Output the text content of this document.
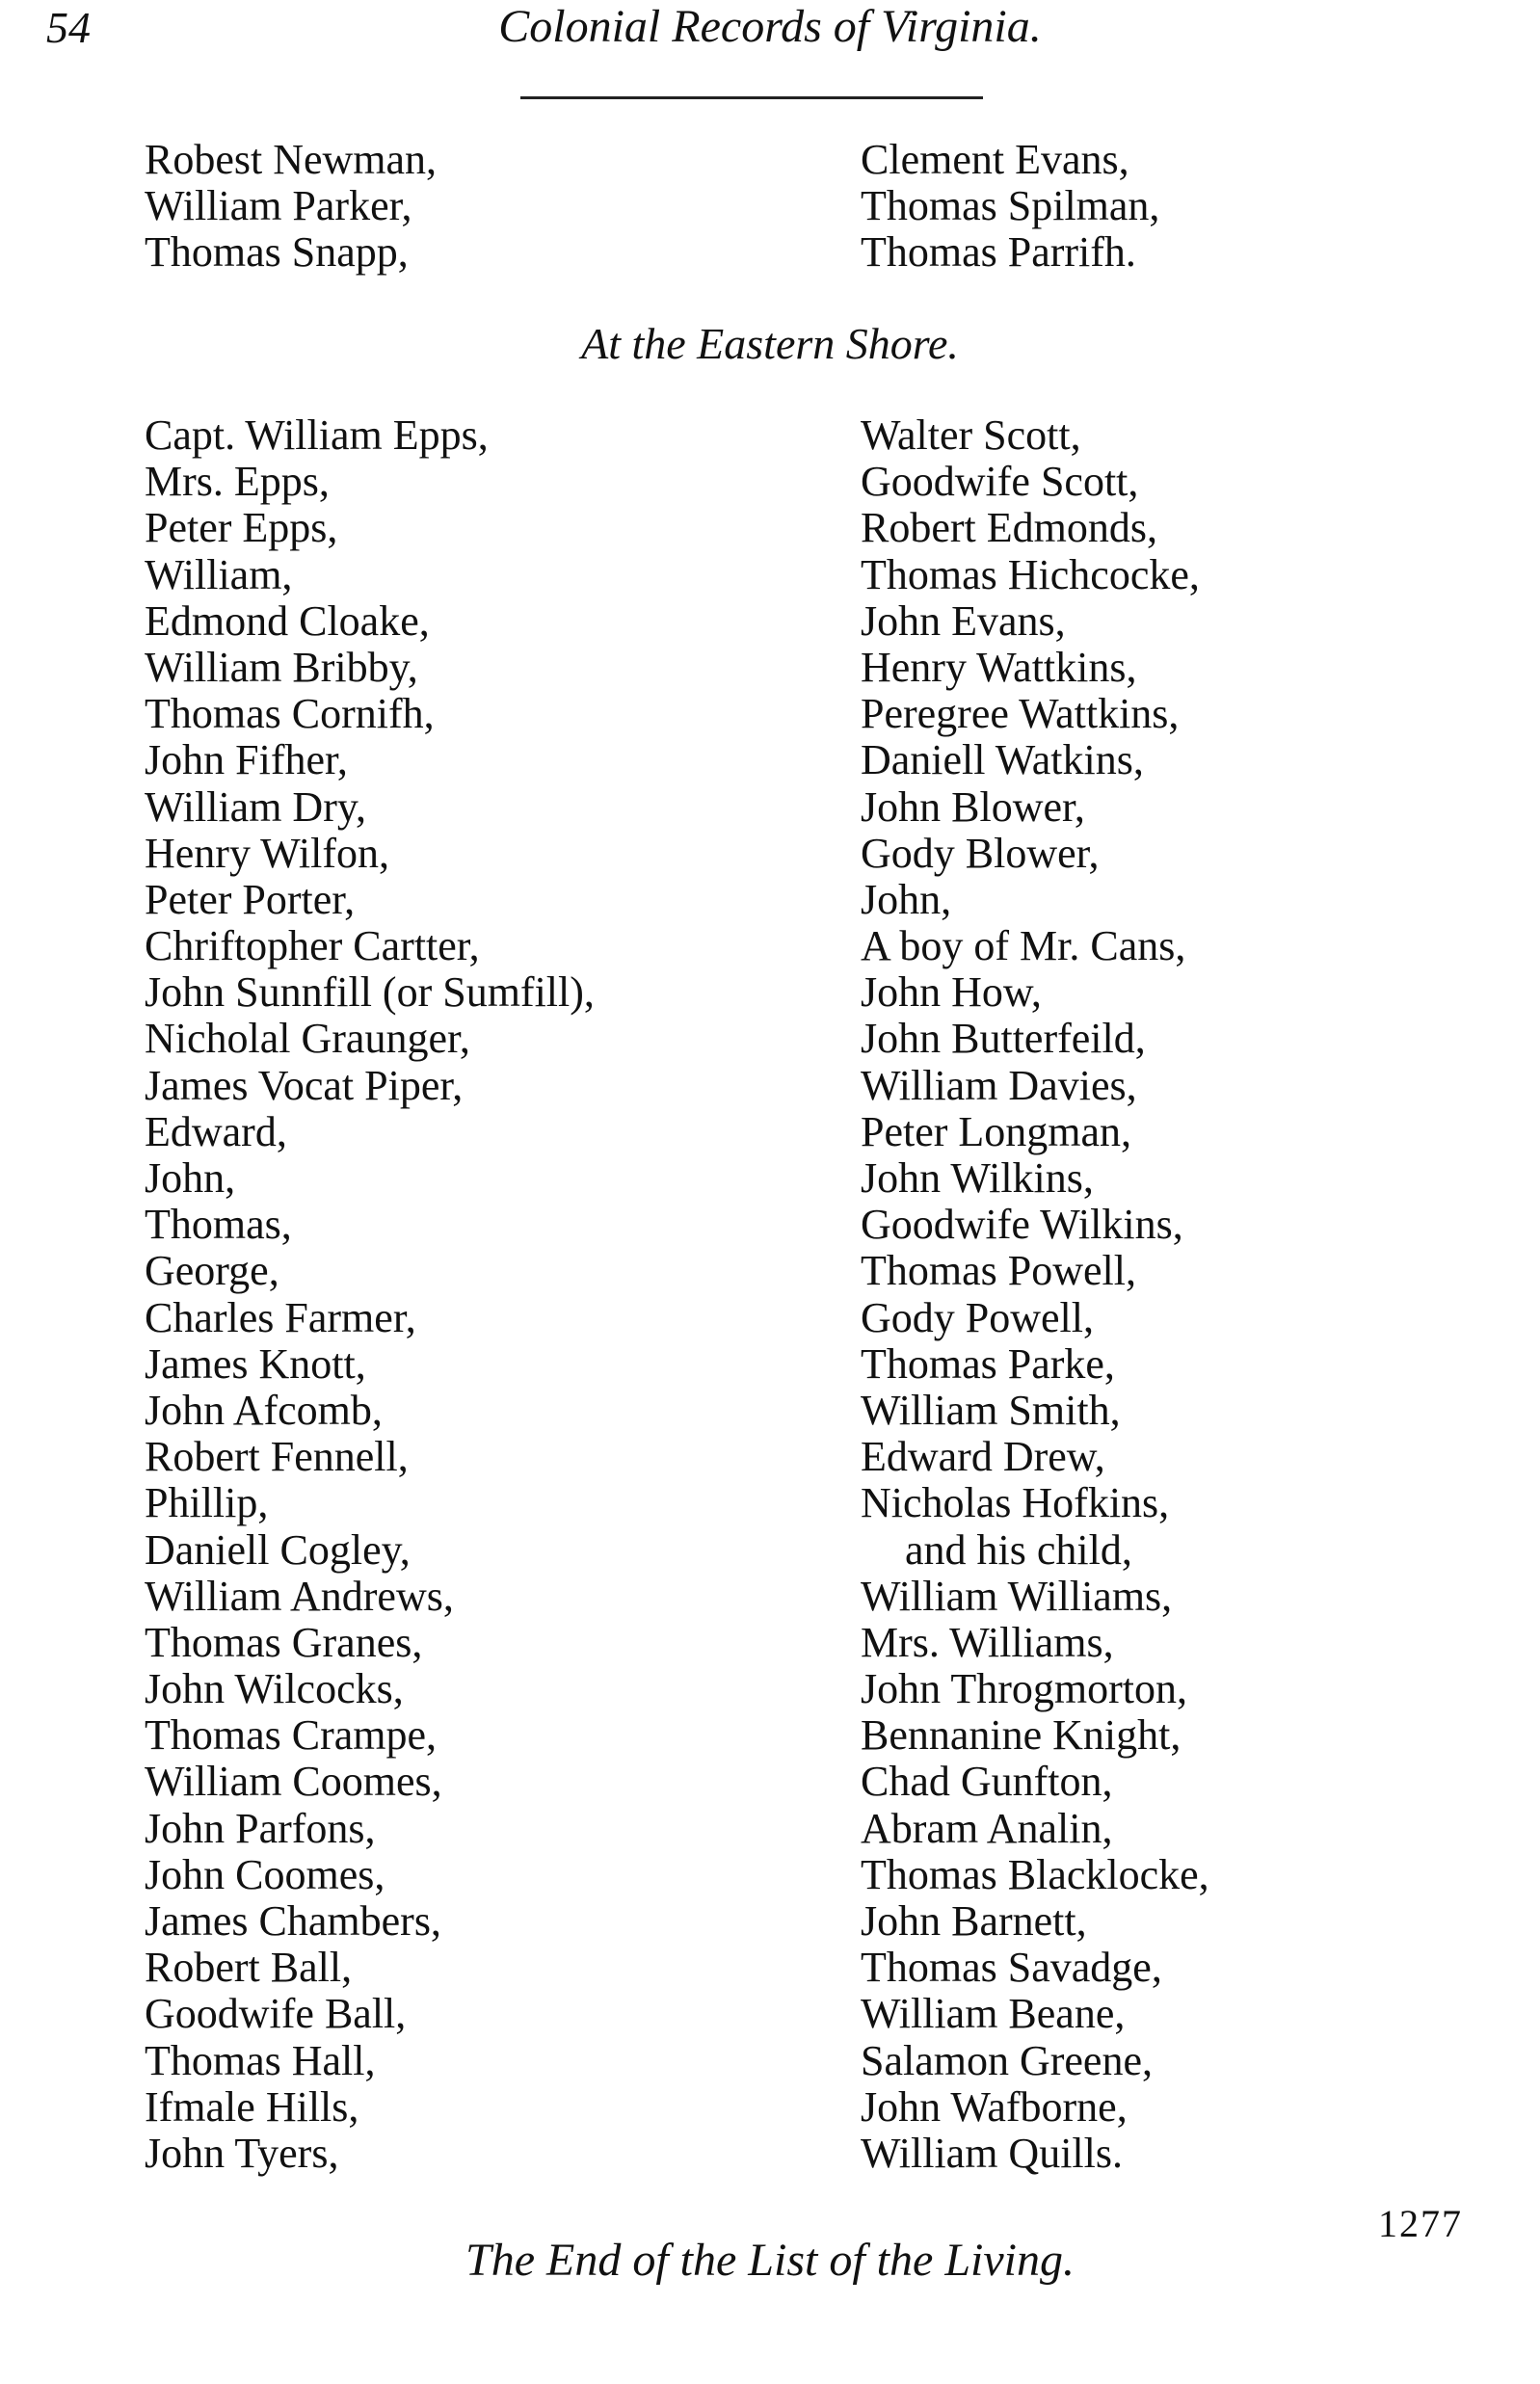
54	Colonial Records of Virginia.
Robest Newman,
William Parker,
Thomas Snapp,
Clement Evans,
Thomas Spilman,
Thomas Parrifh.
At the Eastern Shore.
Capt. William Epps,
Mrs. Epps,
Peter Epps,
William,
Edmond Cloake,
William Bribby,
Thomas Cornifh,
John Fifher,
William Dry,
Henry Wilfon,
Peter Porter,
Chriftopher Cartter,
John Sunnfill (or Sumfill),
Nicholal Graunger,
James Vocat Piper,
Edward,
John,
Thomas,
George,
Charles Farmer,
James Knott,
John Afcomb,
Robert Fennell,
Phillip,
Daniell Cogley,
William Andrews,
Thomas Granes,
John Wilcocks,
Thomas Crampe,
William Coomes,
John Parfons,
John Coomes,
James Chambers,
Robert Ball,
Goodwife Ball,
Thomas Hall,
Ifmale Hills,
John Tyers,
Walter Scott,
Goodwife Scott,
Robert Edmonds,
Thomas Hichcocke,
John Evans,
Henry Wattkins,
Peregree Wattkins,
Daniell Watkins,
John Blower,
Gody Blower,
John,
A boy of Mr. Cans,
John How,
John Butterfeild,
William Davies,
Peter Longman,
John Wilkins,
Goodwife Wilkins,
Thomas Powell,
Gody Powell,
Thomas Parke,
William Smith,
Edward Drew,
Nicholas Hofkins,
and his child,
William Williams,
Mrs. Williams,
John Throgmorton,
Bennanine Knight,
Chad Gunfton,
Abram Analin,
Thomas Blacklocke,
John Barnett,
Thomas Savadge,
William Beane,
Salamon Greene,
John Wafborne,
William Quills.
1277
The End of the List of the Living.
